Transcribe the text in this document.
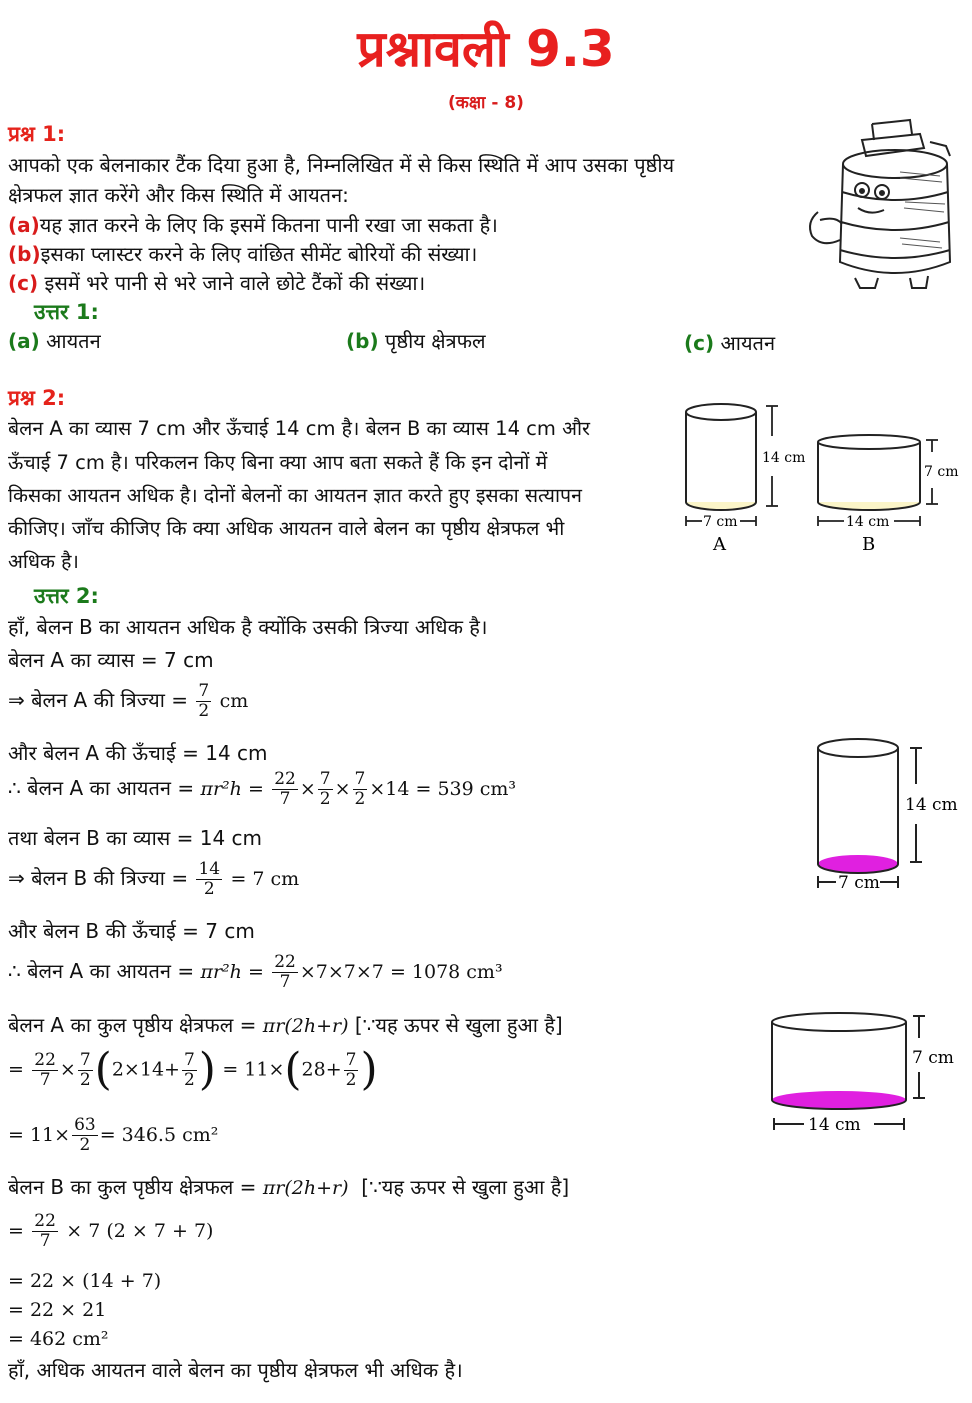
प्रश्नावली 9.3
(कक्षा - 8)
प्रश्न 1:
आपको एक बेलनाकार टैंक दिया हुआ है, निम्नलिखित में से किस स्थिति में आप उसका पृष्ठीय
क्षेत्रफल ज्ञात करेंगे और किस स्थिति में आयतन:
(a)यह ज्ञात करने के लिए कि इसमें कितना पानी रखा जा सकता है।
(b)इसका प्लास्टर करने के लिए वांछित सीमेंट बोरियों की संख्या।
(c) इसमें भरे पानी से भरे जाने वाले छोटे टैंकों की संख्या।
उत्तर 1:
(a) आयतन	(b) पृष्ठीय क्षेत्रफल	(c) आयतन
प्रश्न 2:
बेलन A का व्यास 7 cm और ऊँचाई 14 cm है। बेलन B का व्यास 14 cm और
ऊँचाई 7 cm है। परिकलन किए बिना क्या आप बता सकते हैं कि इन दोनों में
किसका आयतन अधिक है। दोनों बेलनों का आयतन ज्ञात करते हुए इसका सत्यापन
कीजिए। जाँच कीजिए कि क्या अधिक आयतन वाले बेलन का पृष्ठीय क्षेत्रफल भी
अधिक है।
14 cm
7 cm
A
7 cm
14 cm
B
उत्तर 2:
हाँ, बेलन B का आयतन अधिक है क्योंकि उसकी त्रिज्या अधिक है।
बेलन A का व्यास = 7 cm
⇒ बेलन A की त्रिज्या = $\frac{7}{2}$ cm
और बेलन A की ऊँचाई = 14 cm
∴ बेलन A का आयतन = $\pi r^2h = \frac{22}{7} \times \frac{7}{2} \times \frac{7}{2} \times 14 = 539$ cm³
तथा बेलन B का व्यास = 14 cm
⇒ बेलन B की त्रिज्या = $\frac{14}{2} = 7$ cm
और बेलन B की ऊँचाई = 7 cm
∴ बेलन A का आयतन = $\pi r^2h = \frac{22}{7} \times 7\times 7\times 7 = 1078$ cm³
बेलन A का कुल पृष्ठीय क्षेत्रफल = πr(2h+r) [∵यह ऊपर से खुला हुआ है]
= $\frac{22}{7} \times \frac{7}{2} (2\times 14+ \frac{7}{2}$ ) = $11\times(28+ \frac{7}{2}$ )
= $11\times \frac{63}{2} = 346.5$ cm²
बेलन B का कुल पृष्ठीय क्षेत्रफल = πr(2h+r) [∵यह ऊपर से खुला हुआ है]
= $\frac{22}{7} \times 7$ (2 × 7 + 7)
= 22 × (14 + 7)
= 22 × 21
= 462 cm²
हाँ, अधिक आयतन वाले बेलन का पृष्ठीय क्षेत्रफल भी अधिक है।
14 cm
7 cm
7 cm
14 cm
